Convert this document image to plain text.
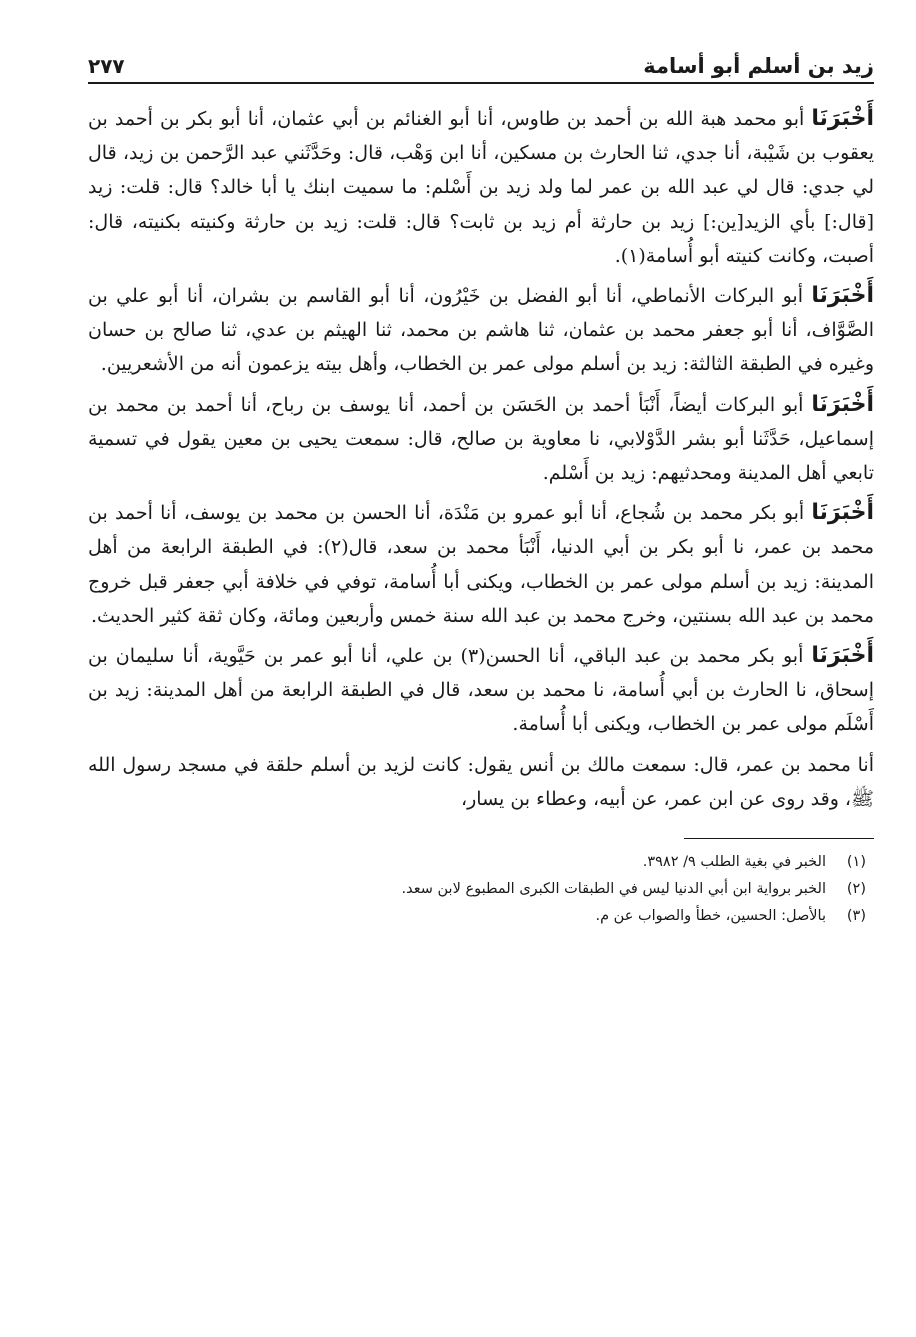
زيد بن أسلم أبو أسامة
٢٧٧

أَخْبَرَنَا أبو محمد هبة الله بن أحمد بن طاوس، أنا أبو الغنائم بن أبي عثمان، أنا أبو بكر بن أحمد بن يعقوب بن شَيْبة، أنا جدي، ثنا الحارث بن مسكين، أنا ابن وَهْب، قال: وحَدَّثَني عبد الرَّحمن بن زيد، قال لي جدي: قال لي عبد الله بن عمر لما ولد زيد بن أَسْلم: ما سميت ابنك يا أبا خالد؟ قال: قلت: زيد [قال:] بأي الزيد[ين:] زيد بن حارثة أم زيد بن ثابت؟ قال: قلت: زيد بن حارثة وكنيته بكنيته، قال: أصبت، وكانت كنيته أبو أُسامة(١).

أَخْبَرَنَا أبو البركات الأنماطي، أنا أبو الفضل بن خَيْرُون، أنا أبو القاسم بن بشران، أنا أبو علي بن الصَّوَّاف، أنا أبو جعفر محمد بن عثمان، ثنا هاشم بن محمد، ثنا الهيثم بن عدي، ثنا صالح بن حسان وغيره في الطبقة الثالثة: زيد بن أسلم مولى عمر بن الخطاب، وأهل بيته يزعمون أنه من الأشعريين.

أَخْبَرَنَا أبو البركات أيضاً، أَنْبَأ أحمد بن الحَسَن بن أحمد، أنا يوسف بن رباح، أنا أحمد بن محمد بن إسماعيل، حَدَّثَنا أبو بشر الدَّوْلابي، نا معاوية بن صالح، قال: سمعت يحيى بن معين يقول في تسمية تابعي أهل المدينة ومحدثيهم: زيد بن أَسْلم.

أَخْبَرَنَا أبو بكر محمد بن شُجاع، أنا أبو عمرو بن مَنْدَة، أنا الحسن بن محمد بن يوسف، أنا أحمد بن محمد بن عمر، نا أبو بكر بن أبي الدنيا، أَنْبَأ محمد بن سعد، قال(٢): في الطبقة الرابعة من أهل المدينة: زيد بن أسلم مولى عمر بن الخطاب، ويكنى أبا أُسامة، توفي في خلافة أبي جعفر قبل خروج محمد بن عبد الله بسنتين، وخرج محمد بن عبد الله سنة خمس وأربعين ومائة، وكان ثقة كثير الحديث.

أَخْبَرَنَا أبو بكر محمد بن عبد الباقي، أنا الحسن(٣) بن علي، أنا أبو عمر بن حَيَّوية، أنا سليمان بن إسحاق، نا الحارث بن أبي أُسامة، نا محمد بن سعد، قال في الطبقة الرابعة من أهل المدينة: زيد بن أَسْلَم مولى عمر بن الخطاب، ويكنى أبا أُسامة.

أنا محمد بن عمر، قال: سمعت مالك بن أنس يقول: كانت لزيد بن أسلم حلقة في مسجد رسول الله ﷺ، وقد روى عن ابن عمر، عن أبيه، وعطاء بن يسار،

(١)
الخبر في بغية الطلب ٩/ ٣٩٨٢.
(٢)
الخبر برواية ابن أبي الدنيا ليس في الطبقات الكبرى المطبوع لابن سعد.
(٣)
بالأصل: الحسين، خطأ والصواب عن م.
